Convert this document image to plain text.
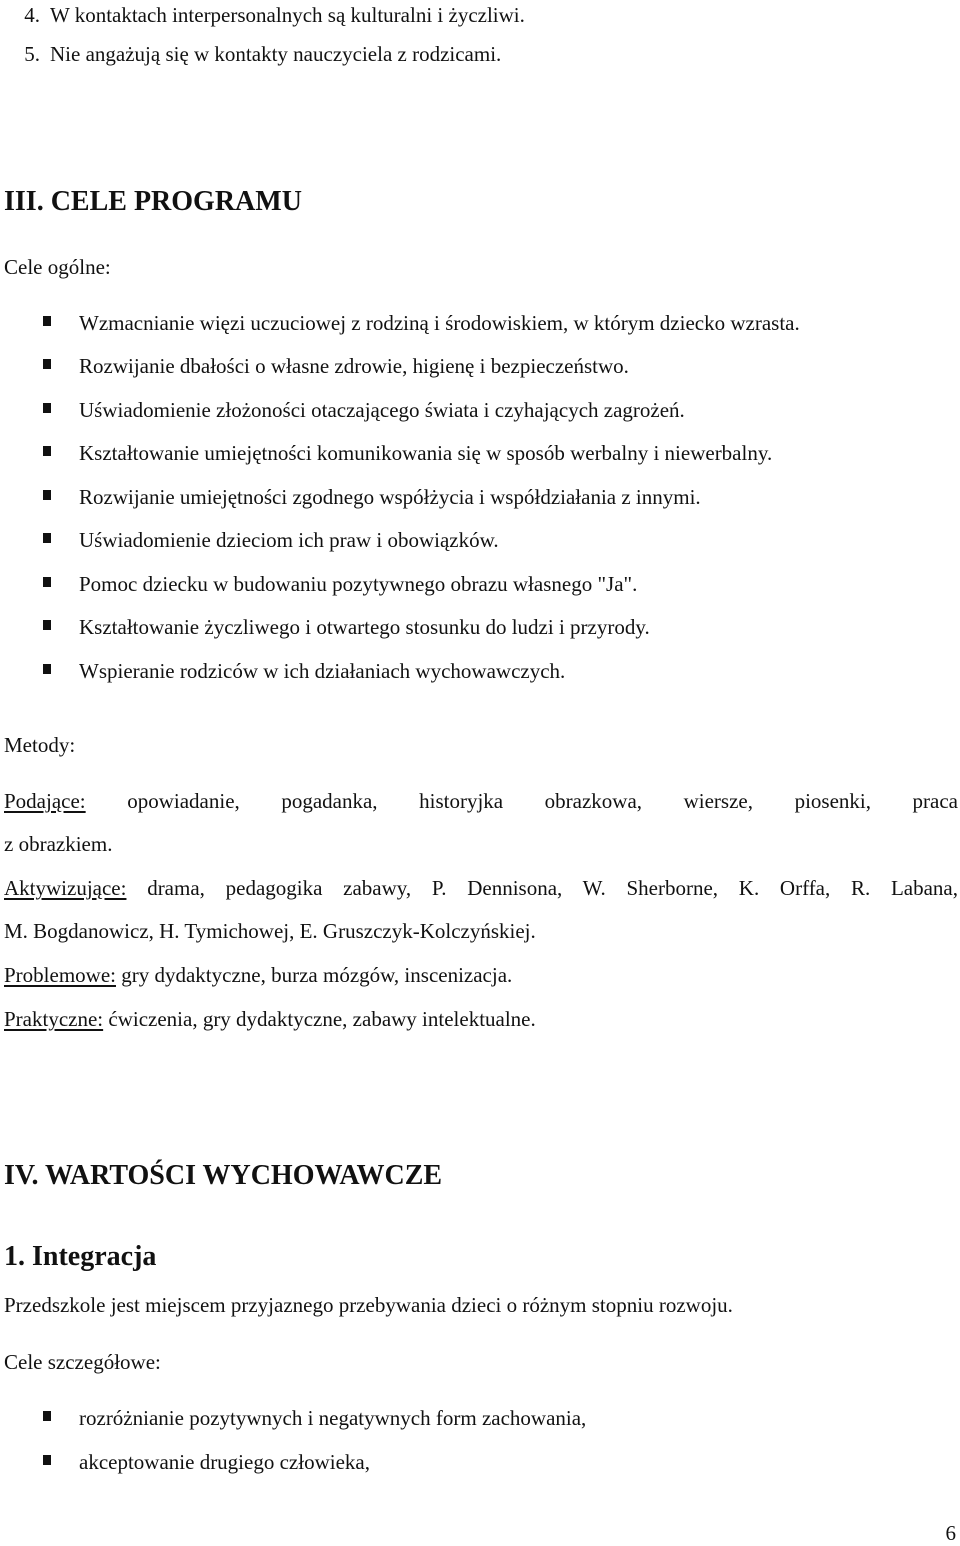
4. W kontaktach interpersonalnych są kulturalni i życzliwi.
5. Nie angażują się w kontakty nauczyciela z rodzicami.
III. CELE PROGRAMU
Cele ogólne:
Wzmacnianie więzi uczuciowej z rodziną i środowiskiem, w którym dziecko wzrasta.
Rozwijanie dbałości o własne zdrowie, higienę i bezpieczeństwo.
Uświadomienie złożoności otaczającego świata i czyhających zagrożeń.
Kształtowanie umiejętności komunikowania się w sposób werbalny i niewerbalny.
Rozwijanie umiejętności zgodnego współżycia i współdziałania z innymi.
Uświadomienie dzieciom ich praw i obowiązków.
Pomoc dziecku w budowaniu pozytywnego obrazu własnego "Ja".
Kształtowanie życzliwego i otwartego stosunku do ludzi i przyrody.
Wspieranie rodziców w ich działaniach wychowawczych.
Metody:
Podające: opowiadanie, pogadanka, historyjka obrazkowa, wiersze, piosenki, praca
z obrazkiem.
Aktywizujące: drama, pedagogika zabawy, P. Dennisona, W. Sherborne, K. Orffa, R. Labana,
M. Bogdanowicz, H. Tymichowej, E. Gruszczyk-Kolczyńskiej.
Problemowe: gry dydaktyczne, burza mózgów, inscenizacja.
Praktyczne: ćwiczenia, gry dydaktyczne, zabawy intelektualne.
IV. WARTOŚCI WYCHOWAWCZE
1. Integracja
Przedszkole jest miejscem przyjaznego przebywania dzieci o różnym stopniu rozwoju.
Cele szczegółowe:
rozróżnianie pozytywnych i negatywnych form zachowania,
akceptowanie drugiego człowieka,
6
